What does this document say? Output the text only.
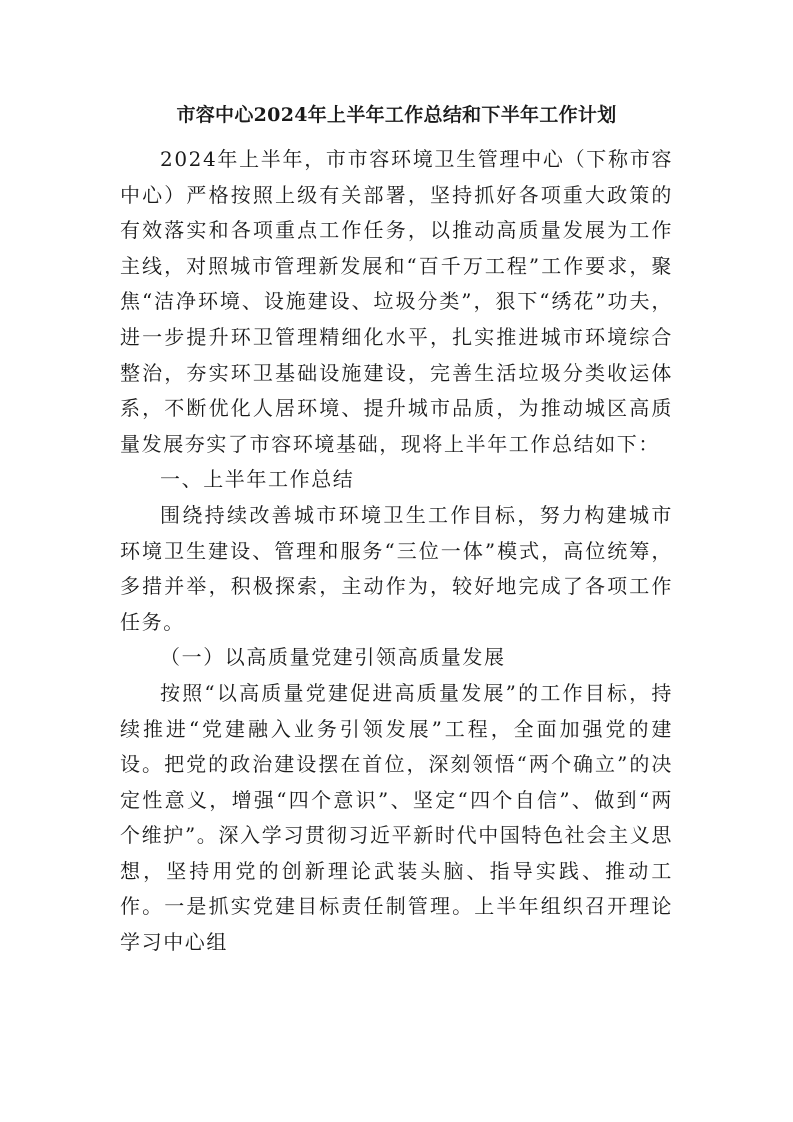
市容中心2024年上半年工作总结和下半年工作计划

2024年上半年，市市容环境卫生管理中心（下称市容中心）严格按照上级有关部署，坚持抓好各项重大政策的有效落实和各项重点工作任务，以推动高质量发展为工作主线，对照城市管理新发展和“百千万工程”工作要求，聚焦“洁净环境、设施建设、垃圾分类”，狠下“绣花”功夫，进一步提升环卫管理精细化水平，扎实推进城市环境综合整治，夯实环卫基础设施建设，完善生活垃圾分类收运体系，不断优化人居环境、提升城市品质，为推动城区高质量发展夯实了市容环境基础，现将上半年工作总结如下：

一、上半年工作总结

围绕持续改善城市环境卫生工作目标，努力构建城市环境卫生建设、管理和服务“三位一体”模式，高位统筹，多措并举，积极探索，主动作为，较好地完成了各项工作任务。

（一）以高质量党建引领高质量发展

按照“以高质量党建促进高质量发展”的工作目标，持续推进“党建融入业务引领发展”工程，全面加强党的建设。把党的政治建设摆在首位，深刻领悟“两个确立”的决定性意义，增强“四个意识”、坚定“四个自信”、做到“两个维护”。深入学习贯彻习近平新时代中国特色社会主义思想，坚持用党的创新理论武装头脑、指导实践、推动工作。一是抓实党建目标责任制管理。上半年组织召开理论学习中心组
